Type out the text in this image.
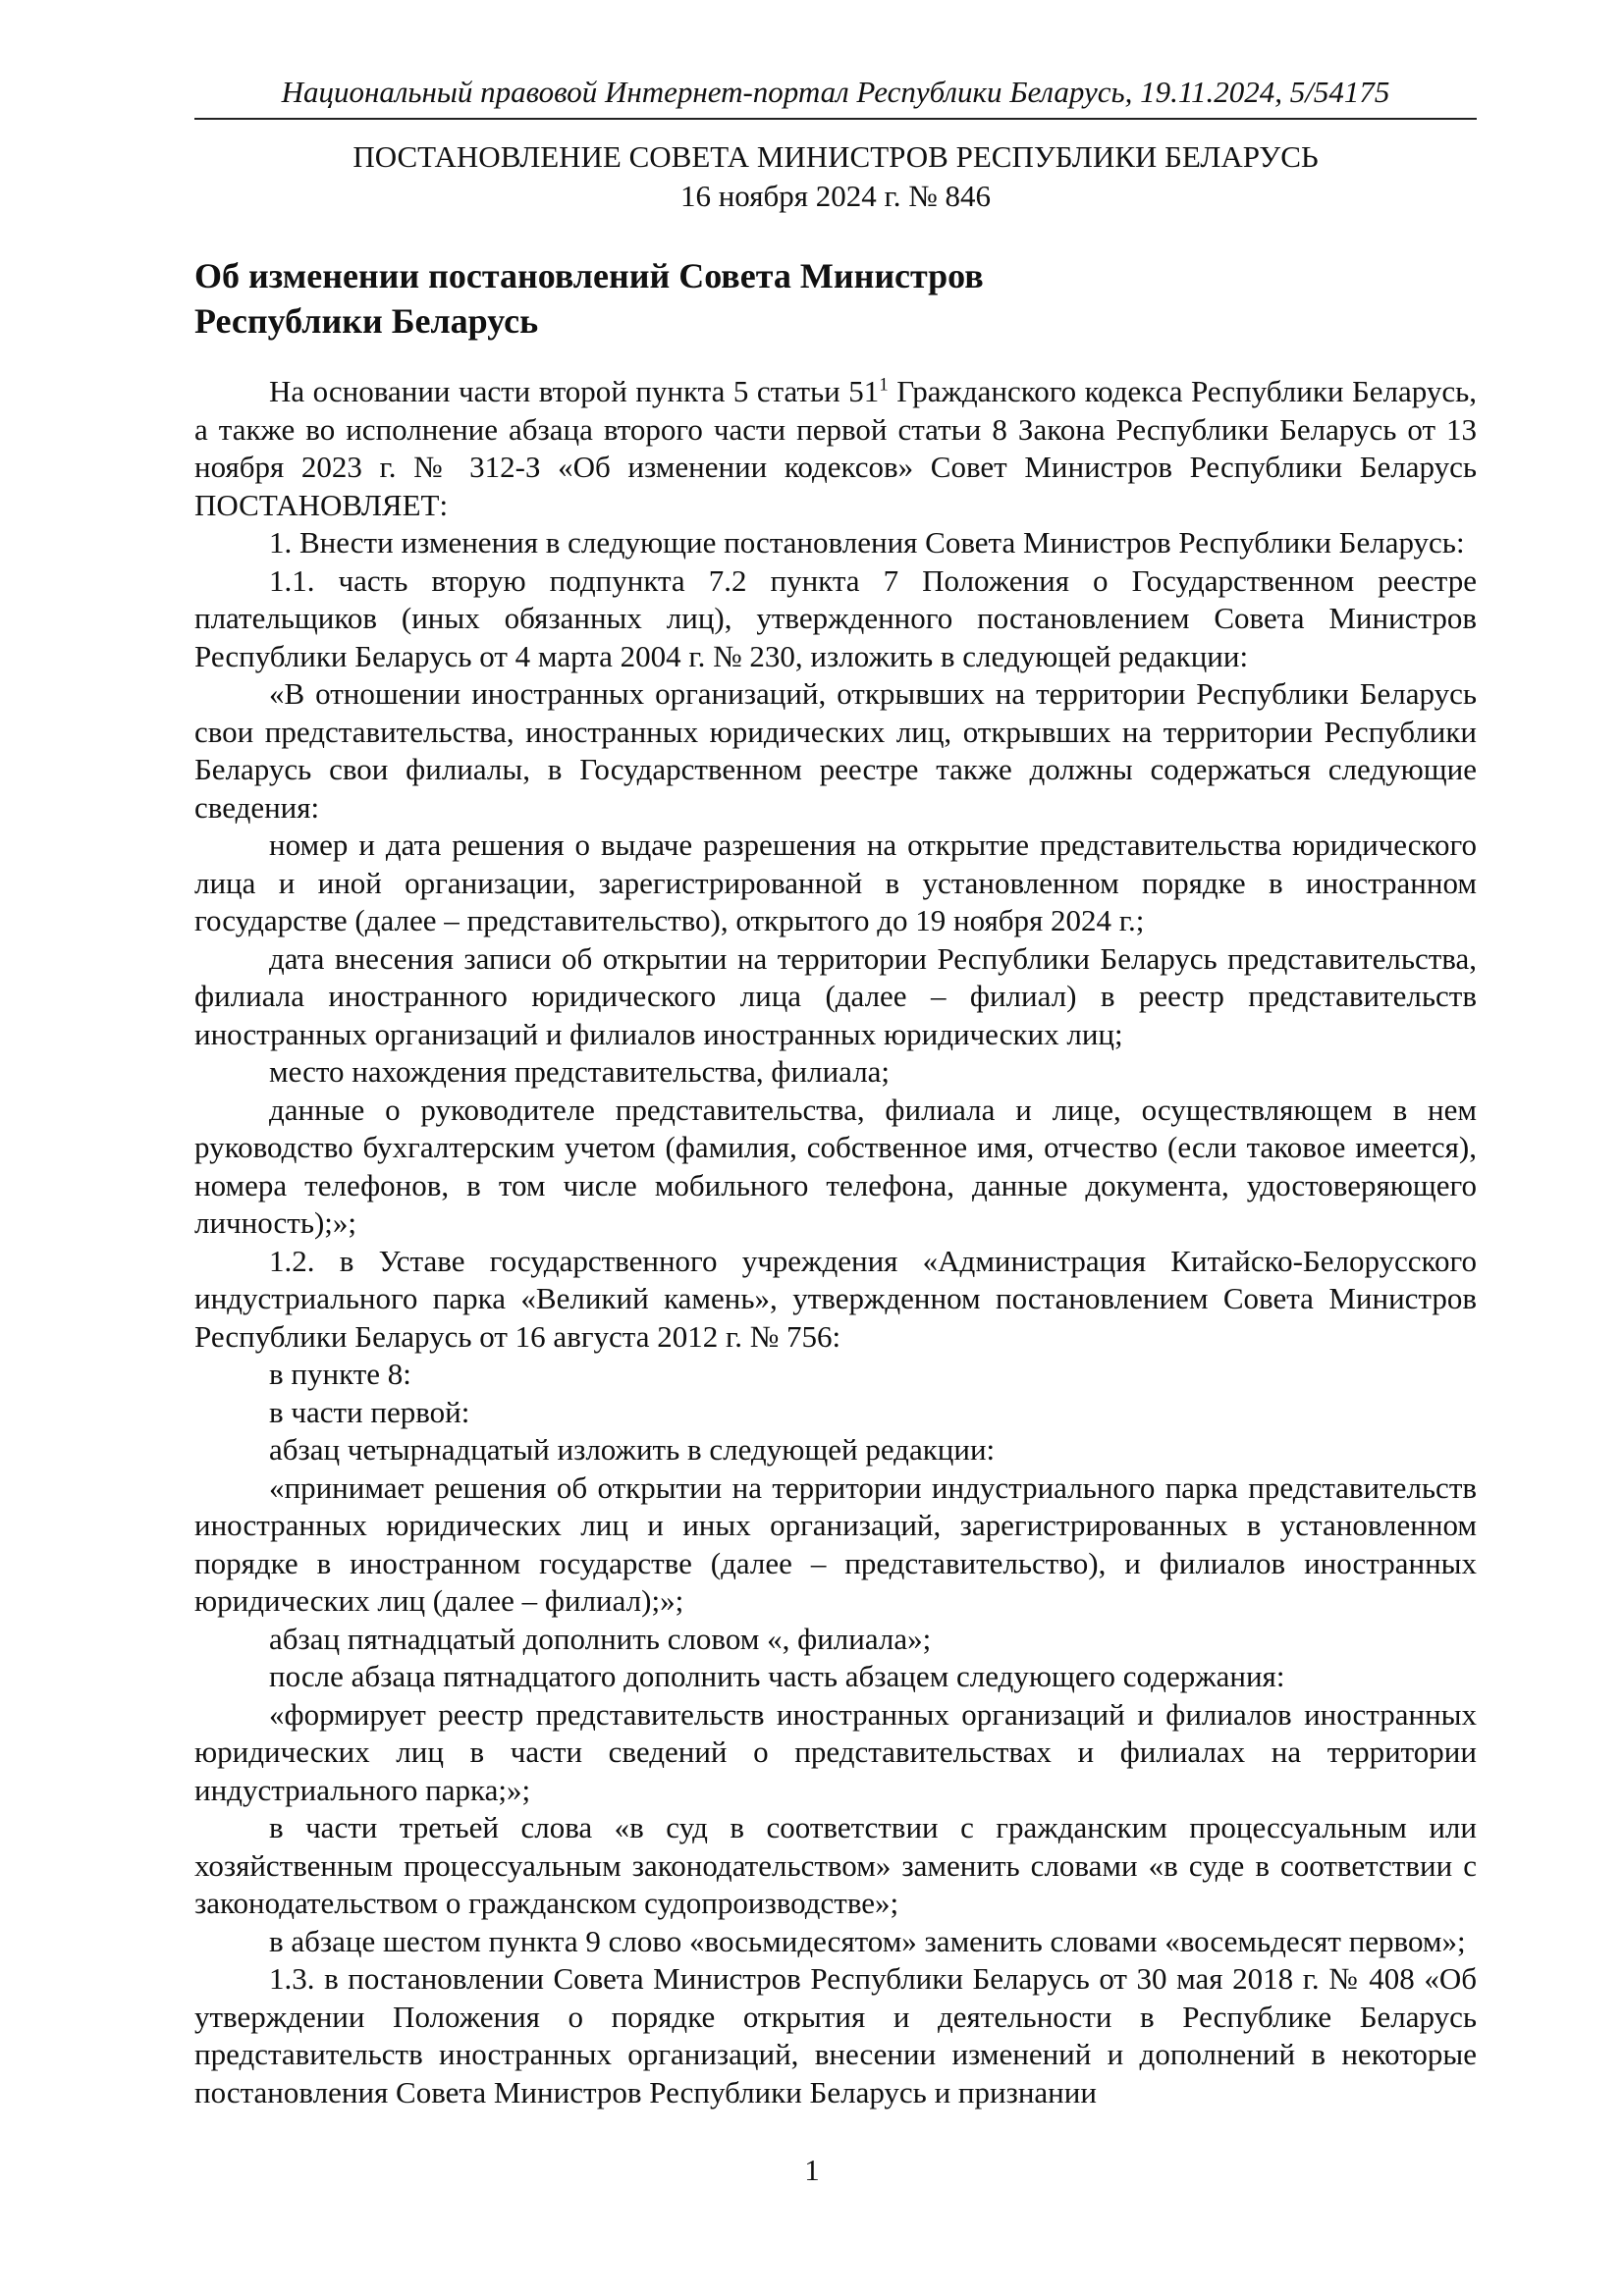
Национальный правовой Интернет-портал Республики Беларусь, 19.11.2024, 5/54175
ПОСТАНОВЛЕНИЕ СОВЕТА МИНИСТРОВ РЕСПУБЛИКИ БЕЛАРУСЬ
16 ноября 2024 г. № 846
Об изменении постановлений Совета Министров Республики Беларусь

На основании части второй пункта 5 статьи $51^1$ Гражданского кодекса Республики Беларусь, а также во исполнение абзаца второго части первой статьи 8 Закона Республики Беларусь от 13 ноября 2023 г. № 312-З «Об изменении кодексов» Совет Министров Республики Беларусь ПОСТАНОВЛЯЕТ:

1. Внести изменения в следующие постановления Совета Министров Республики Беларусь:

1.1. часть вторую подпункта 7.2 пункта 7 Положения о Государственном реестре плательщиков (иных обязанных лиц), утвержденного постановлением Совета Министров Республики Беларусь от 4 марта 2004 г. № 230, изложить в следующей редакции:

«В отношении иностранных организаций, открывших на территории Республики Беларусь свои представительства, иностранных юридических лиц, открывших на территории Республики Беларусь свои филиалы, в Государственном реестре также должны содержаться следующие сведения:

номер и дата решения о выдаче разрешения на открытие представительства юридического лица и иной организации, зарегистрированной в установленном порядке в иностранном государстве (далее – представительство), открытого до 19 ноября 2024 г.;

дата внесения записи об открытии на территории Республики Беларусь представительства, филиала иностранного юридического лица (далее – филиал) в реестр представительств иностранных организаций и филиалов иностранных юридических лиц;

место нахождения представительства, филиала;

данные о руководителе представительства, филиала и лице, осуществляющем в нем руководство бухгалтерским учетом (фамилия, собственное имя, отчество (если таковое имеется), номера телефонов, в том числе мобильного телефона, данные документа, удостоверяющего личность);»;

1.2. в Уставе государственного учреждения «Администрация Китайско-Белорусского индустриального парка «Великий камень», утвержденном постановлением Совета Министров Республики Беларусь от 16 августа 2012 г. № 756:

в пункте 8:

в части первой:

абзац четырнадцатый изложить в следующей редакции:

«принимает решения об открытии на территории индустриального парка представительств иностранных юридических лиц и иных организаций, зарегистрированных в установленном порядке в иностранном государстве (далее – представительство), и филиалов иностранных юридических лиц (далее – филиал);»;

абзац пятнадцатый дополнить словом «, филиала»;

после абзаца пятнадцатого дополнить часть абзацем следующего содержания:

«формирует реестр представительств иностранных организаций и филиалов иностранных юридических лиц в части сведений о представительствах и филиалах на территории индустриального парка;»;

в части третьей слова «в суд в соответствии с гражданским процессуальным или хозяйственным процессуальным законодательством» заменить словами «в суде в соответствии с законодательством о гражданском судопроизводстве»;

в абзаце шестом пункта 9 слово «восьмидесятом» заменить словами «восемьдесят первом»;

1.3. в постановлении Совета Министров Республики Беларусь от 30 мая 2018 г. № 408 «Об утверждении Положения о порядке открытия и деятельности в Республике Беларусь представительств иностранных организаций, внесении изменений и дополнений в некоторые постановления Совета Министров Республики Беларусь и признании

1
